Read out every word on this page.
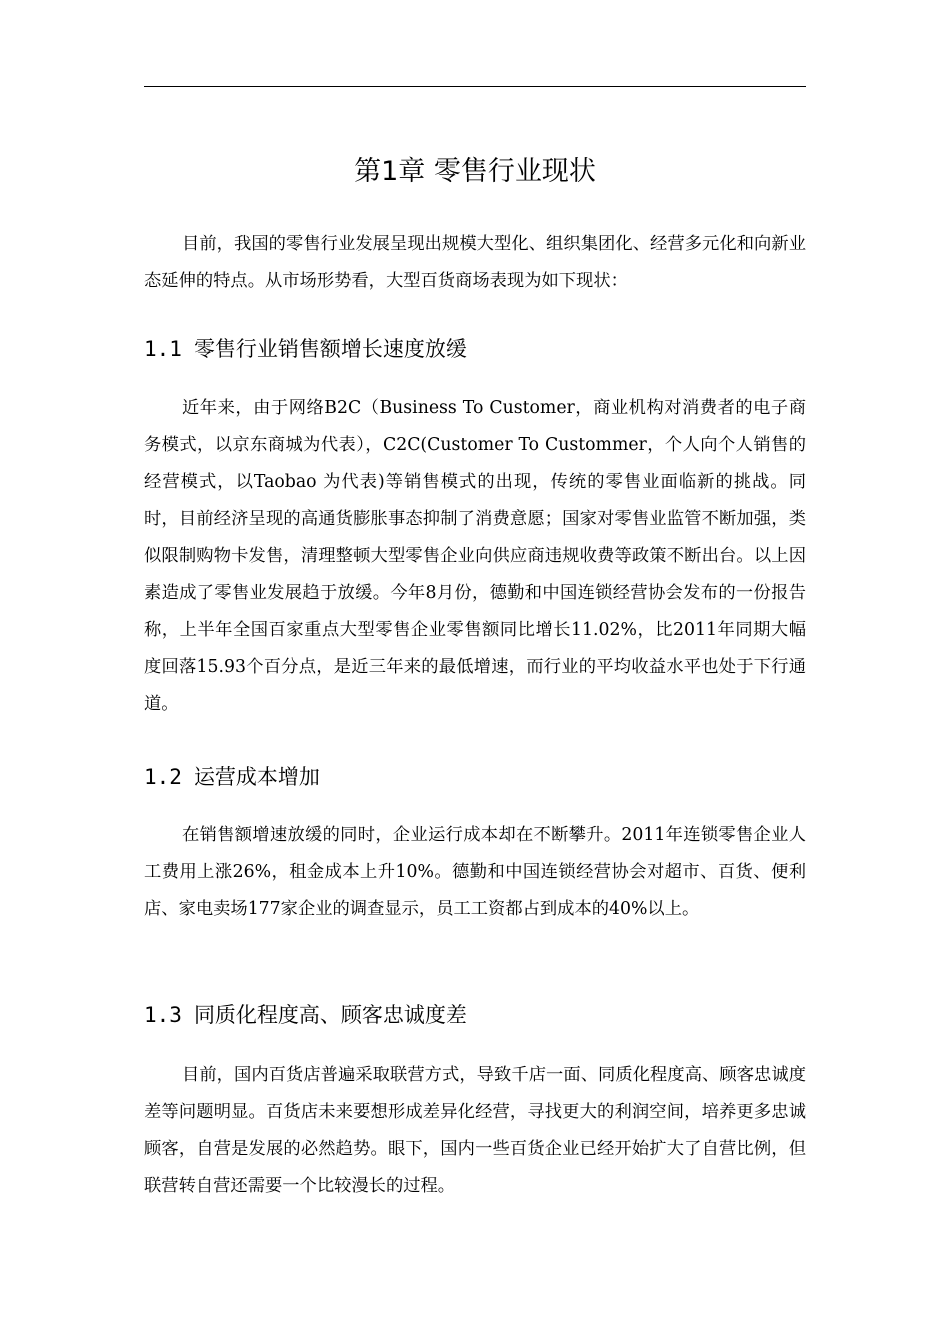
第1章 零售行业现状

目前，我国的零售行业发展呈现出规模大型化、组织集团化、经营多元化和向新业态延伸的特点。从市场形势看，大型百货商场表现为如下现状：

1.1 零售行业销售额增长速度放缓

近年来，由于网络B2C（Business To Customer，商业机构对消费者的电子商务模式，以京东商城为代表），C2C(Customer To Custommer，个人向个人销售的经营模式，以Taobao 为代表)等销售模式的出现，传统的零售业面临新的挑战。同时，目前经济呈现的高通货膨胀事态抑制了消费意愿；国家对零售业监管不断加强，类似限制购物卡发售，清理整顿大型零售企业向供应商违规收费等政策不断出台。以上因素造成了零售业发展趋于放缓。今年8月份，德勤和中国连锁经营协会发布的一份报告称，上半年全国百家重点大型零售企业零售额同比增长11.02%，比2011年同期大幅度回落15.93个百分点，是近三年来的最低增速，而行业的平均收益水平也处于下行通道。

1.2 运营成本增加

在销售额增速放缓的同时，企业运行成本却在不断攀升。2011年连锁零售企业人工费用上涨26%，租金成本上升10%。德勤和中国连锁经营协会对超市、百货、便利店、家电卖场177家企业的调查显示，员工工资都占到成本的40%以上。

1.3 同质化程度高、顾客忠诚度差

目前，国内百货店普遍采取联营方式，导致千店一面、同质化程度高、顾客忠诚度差等问题明显。百货店未来要想形成差异化经营，寻找更大的利润空间，培养更多忠诚顾客，自营是发展的必然趋势。眼下，国内一些百货企业已经开始扩大了自营比例，但联营转自营还需要一个比较漫长的过程。
